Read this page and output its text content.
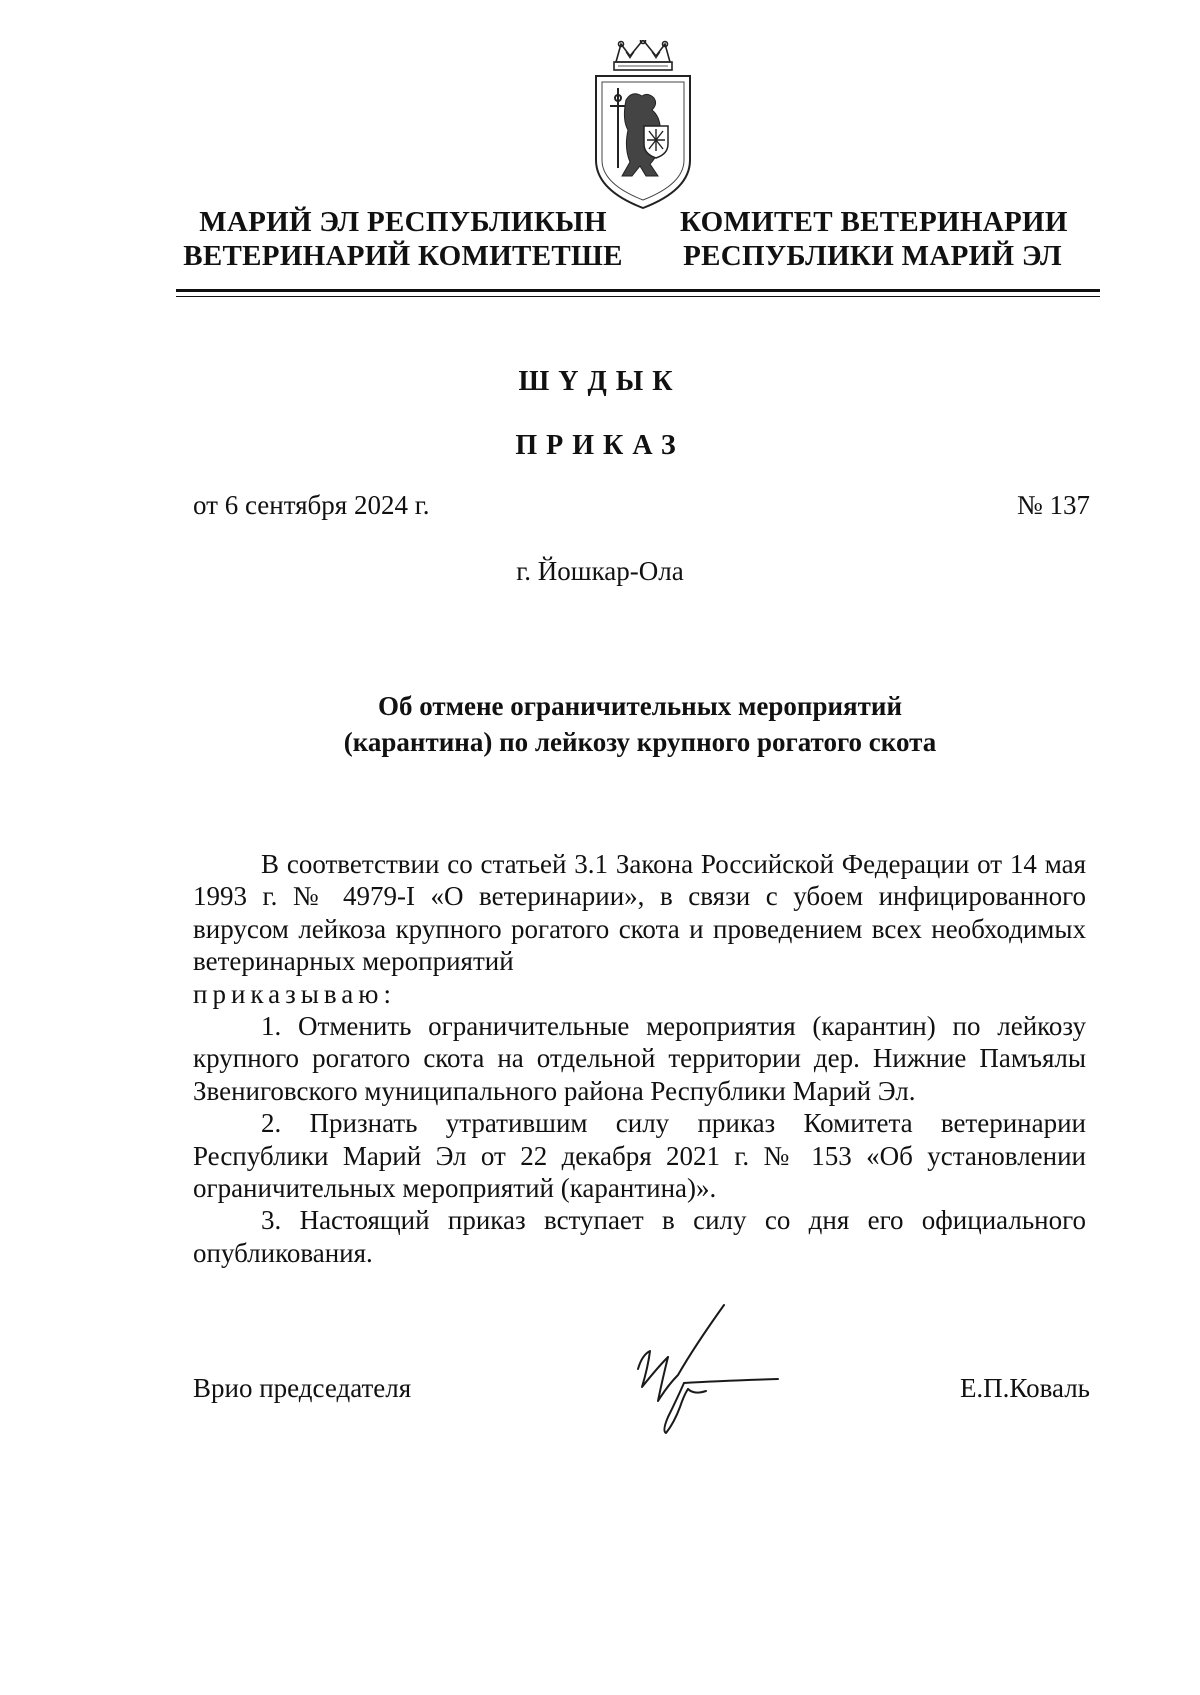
МАРИЙ ЭЛ РЕСПУБЛИКЫН
ВЕТЕРИНАРИЙ КОМИТЕТШЕ
КОМИТЕТ ВЕТЕРИНАРИИ
РЕСПУБЛИКИ МАРИЙ ЭЛ
ШҮДЫК
ПРИКАЗ
от 6 сентября 2024 г.	№ 137
г. Йошкар-Ола
Об отмене ограничительных мероприятий
(карантина) по лейкозу крупного рогатого скота

В соответствии со статьей 3.1 Закона Российской Федерации от 14 мая 1993 г. № 4979-I «О ветеринарии», в связи с убоем инфицированного вирусом лейкоза крупного рогатого скота и проведением всех необходимых ветеринарных мероприятий

приказываю:

1. Отменить ограничительные мероприятия (карантин) по лейкозу крупного рогатого скота на отдельной территории дер. Нижние Памъялы Звениговского муниципального района Республики Марий Эл.

2. Признать утратившим силу приказ Комитета ветеринарии Республики Марий Эл от 22 декабря 2021 г. № 153 «Об установлении ограничительных мероприятий (карантина)».

3. Настоящий приказ вступает в силу со дня его официального опубликования.

Врио председателя	Е.П.Коваль
